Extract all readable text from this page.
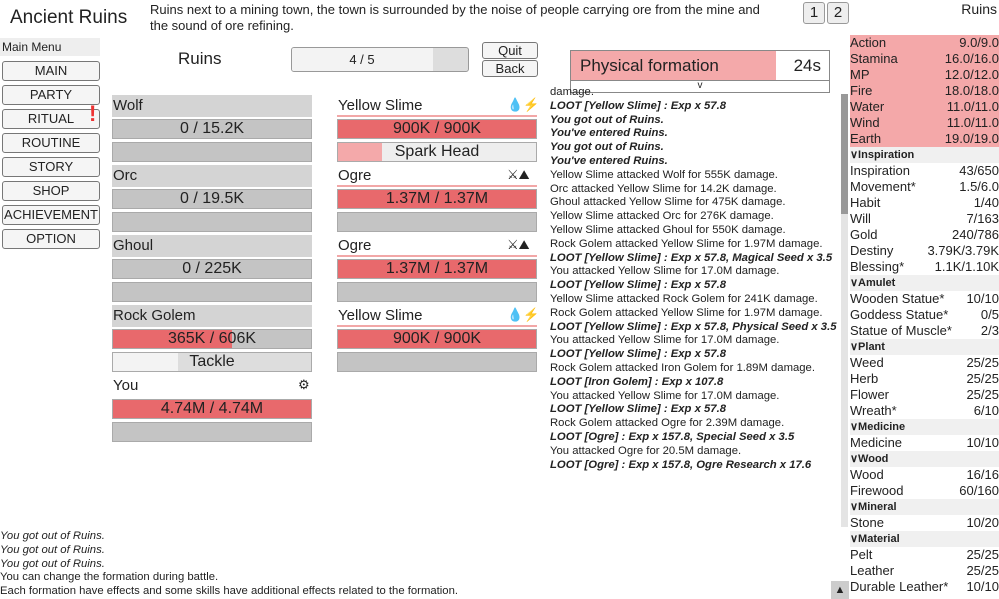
Ancient Ruins Ruins next to a mining town, the town is surrounded by the noise of people carrying ore from the mine and the sound of ore refining.
1	2	Ruins
Main Menu
MAIN
PARTY
RITUAL
ROUTINE
STORY
SHOP
ACHIEVEMENT
OPTION
!
Ruins	4 / 5
Quit
Back
Wolf
0 / 15.2K
Orc
0 / 19.5K
Ghoul
0 / 225K
Rock Golem
365K / 606K
Tackle
You
4.74M / 4.74M
Yellow Slime	💧⚡
900K / 900K
Spark Head
Ogre	⚔⛰
1.37M / 1.37M
Ogre	⚔⛰
1.37M / 1.37M
Yellow Slime	💧⚡
900K / 900K
⚙
Physical formation	24s
v
damage.
LOOT [Yellow Slime] : Exp x 57.8
You got out of Ruins.
You've entered Ruins.
You got out of Ruins.
You've entered Ruins.
Yellow Slime attacked Wolf for 555K damage.
Orc attacked Yellow Slime for 14.2K damage.
Ghoul attacked Yellow Slime for 475K damage.
Yellow Slime attacked Orc for 276K damage.
Yellow Slime attacked Ghoul for 550K damage.
Rock Golem attacked Yellow Slime for 1.97M damage.
LOOT [Yellow Slime] : Exp x 57.8, Magical Seed x 3.5
You attacked Yellow Slime for 17.0M damage.
LOOT [Yellow Slime] : Exp x 57.8
Yellow Slime attacked Rock Golem for 241K damage.
Rock Golem attacked Yellow Slime for 1.97M damage.
LOOT [Yellow Slime] : Exp x 57.8, Physical Seed x 3.5
You attacked Yellow Slime for 17.0M damage.
LOOT [Yellow Slime] : Exp x 57.8
Rock Golem attacked Iron Golem for 1.89M damage.
LOOT [Iron Golem] : Exp x 107.8
You attacked Yellow Slime for 17.0M damage.
LOOT [Yellow Slime] : Exp x 57.8
Rock Golem attacked Ogre for 2.39M damage.
LOOT [Ogre] : Exp x 157.8, Special Seed x 3.5
You attacked Ogre for 20.5M damage.
LOOT [Ogre] : Exp x 157.8, Ogre Research x 17.6
Action	9.0/9.0
Stamina	16.0/16.0
MP	12.0/12.0
Fire	18.0/18.0
Water	11.0/11.0
Wind	11.0/11.0
Earth	19.0/19.0
∨Inspiration
Inspiration	43/650
Movement*	1.5/6.0
Habit	1/40
Will	7/163
Gold	240/786
Destiny	3.79K/3.79K
Blessing* 1.1K/1.10K
∨Amulet
Wooden Statue* 10/10
Goddess Statue*	0/5
Statue of Muscle* 2/3
∨Plant
Weed	25/25
Herb	25/25
Flower	25/25
Wreath*	6/10
∨Medicine
Medicine	10/10
∨Wood
Wood	16/16
Firewood	60/160
∨Mineral
Stone	10/20
∨Material
Pelt	25/25
Leather	25/25
Durable Leather* 10/10
You got out of Ruins.
You got out of Ruins.
You got out of Ruins.
You can change the formation during battle.
Each formation have effects and some skills have additional effects related to the formation.	▲
